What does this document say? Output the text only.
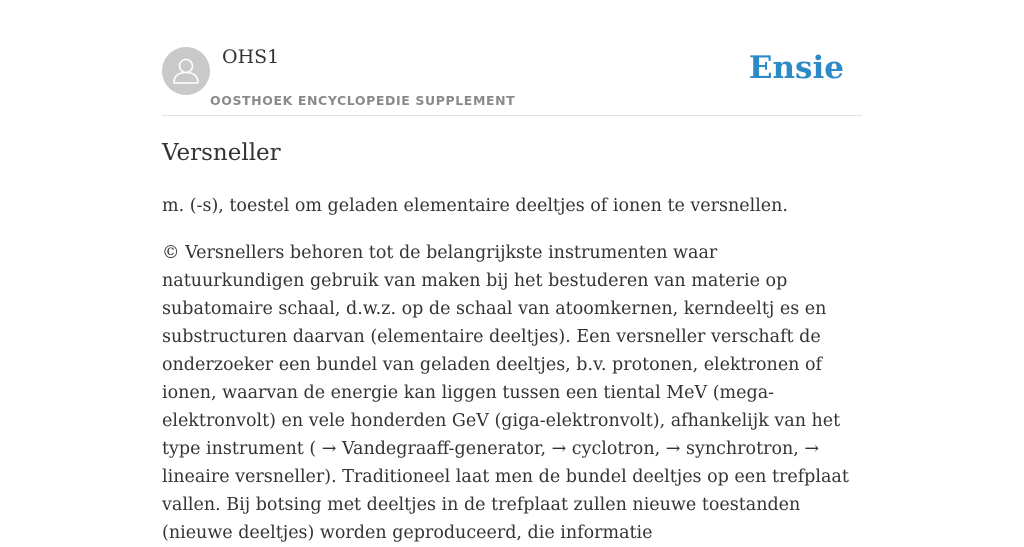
OHS1
OOSTHOEK ENCYCLOPEDIE SUPPLEMENT
Ensie
Versneller

m. (-s), toestel om geladen elementaire deeltjes of ionen te versnellen.

© Versnellers behoren tot de belangrijkste instrumenten waar natuurkundigen gebruik van maken bij het bestuderen van materie op subatomaire schaal, d.w.z. op de schaal van atoomkernen, kerndeeltj es en substructuren daarvan (elementaire deeltjes). Een versneller verschaft de onderzoeker een bundel van geladen deeltjes, b.v. protonen, elektronen of ionen, waarvan de energie kan liggen tussen een tiental MeV (mega-elektronvolt) en vele honderden GeV (giga-elektronvolt), afhankelijk van het type instrument ( → Vandegraaff-generator, → cyclotron, → synchrotron, → lineaire versneller). Traditioneel laat men de bundel deeltjes op een trefplaat vallen. Bij botsing met deeltjes in de trefplaat zullen nieuwe toestanden (nieuwe deeltjes) worden geproduceerd, die informatie
